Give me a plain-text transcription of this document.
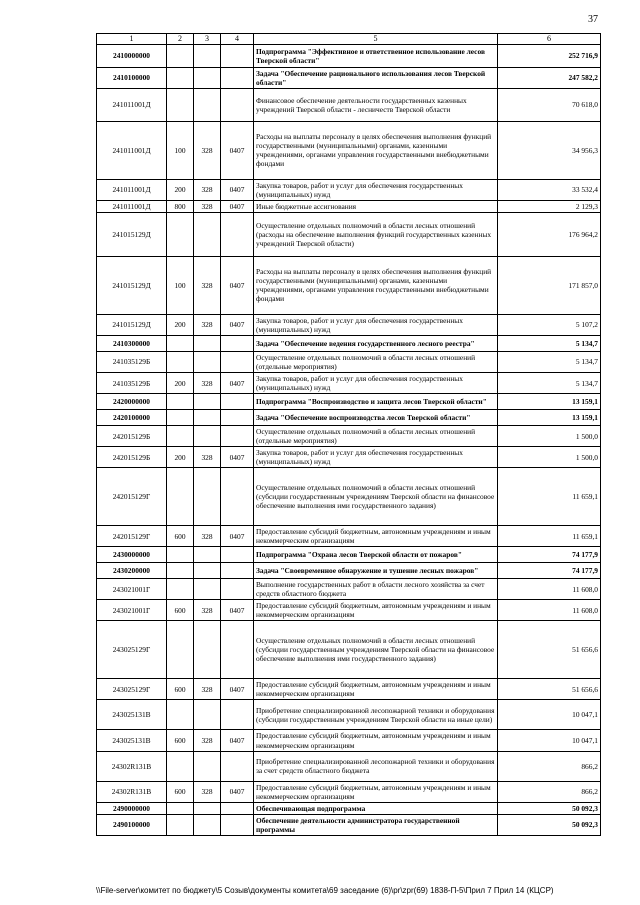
37
1	2	3	4	5	6
2410000000				Подпрограмма "Эффективное и ответственное использование лесов Тверской области"	252 716,9
2410100000				Задача "Обеспечение рационального использования лесов Тверской области"	247 582,2
241011001Д				Финансовое обеспечение деятельности государственных казенных учреждений Тверской области - лесничеств Тверской области	70 618,0
241011001Д	100	328	0407	Расходы на выплаты персоналу в целях обеспечения выполнения функций государственными (муниципальными) органами, казенными учреждениями, органами управления государственными внебюджетными фондами	34 956,3
241011001Д	200	328	0407	Закупка товаров, работ и услуг для обеспечения государственных (муниципальных) нужд	33 532,4
241011001Д	800	328	0407	Иные бюджетные ассигнования	2 129,3
241015129Д				Осуществление отдельных полномочий в области лесных отношений (расходы на обеспечение выполнения функций государственных казенных учреждений Тверской области)	176 964,2
241015129Д	100	328	0407	Расходы на выплаты персоналу в целях обеспечения выполнения функций государственными (муниципальными) органами, казенными учреждениями, органами управления государственными внебюджетными фондами	171 857,0
241015129Д	200	328	0407	Закупка товаров, работ и услуг для обеспечения государственных (муниципальных) нужд	5 107,2
2410300000				Задача "Обеспечение ведения государственного лесного реестра"	5 134,7
241035129Б				Осуществление отдельных полномочий в области лесных отношений (отдельные мероприятия)	5 134,7
241035129Б	200	328	0407	Закупка товаров, работ и услуг для обеспечения государственных (муниципальных) нужд	5 134,7
2420000000				Подпрограмма "Воспроизводство и защита лесов Тверской области"	13 159,1
2420100000				Задача "Обеспечение воспроизводства лесов Тверской области"	13 159,1
242015129Б				Осуществление отдельных полномочий в области лесных отношений (отдельные мероприятия)	1 500,0
242015129Б	200	328	0407	Закупка товаров, работ и услуг для обеспечения государственных (муниципальных) нужд	1 500,0
242015129Г				Осуществление отдельных полномочий в области лесных отношений (субсидии государственным учреждениям Тверской области на финансовое обеспечение выполнения ими государственного задания)	11 659,1
242015129Г	600	328	0407	Предоставление субсидий бюджетным, автономным учреждениям и иным некоммерческим организациям	11 659,1
2430000000				Подпрограмма "Охрана лесов Тверской области от пожаров"	74 177,9
2430200000				Задача "Своевременное обнаружение и тушение лесных пожаров"	74 177,9
243021001Г				Выполнение государственных работ в области лесного хозяйства за счет средств областного бюджета	11 608,0
243021001Г	600	328	0407	Предоставление субсидий бюджетным, автономным учреждениям и иным некоммерческим организациям	11 608,0
243025129Г				Осуществление отдельных полномочий в области лесных отношений (субсидии государственным учреждениям Тверской области на финансовое обеспечение выполнения ими государственного задания)	51 656,6
243025129Г	600	328	0407	Предоставление субсидий бюджетным, автономным учреждениям и иным некоммерческим организациям	51 656,6
243025131В				Приобретение специализированной лесопожарной техники и оборудования (субсидии государственным учреждениям Тверской области на иные цели)	10 047,1
243025131В	600	328	0407	Предоставление субсидий бюджетным, автономным учреждениям и иным некоммерческим организациям	10 047,1
24302R131В				Приобретение специализированной лесопожарной техники и оборудования за счет средств областного бюджета	866,2
24302R131В	600	328	0407	Предоставление субсидий бюджетным, автономным учреждениям и иным некоммерческим организациям	866,2
2490000000				Обеспечивающая подпрограмма	50 092,3
2490100000				Обеспечение деятельности администратора государственной программы	50 092,3
\\File-server\комитет по бюджету\5 Созыв\документы комитета\69 заседание (6)\pr\zpr(69) 1838-П-5\Прил 7 Прил 14 (КЦСР)
